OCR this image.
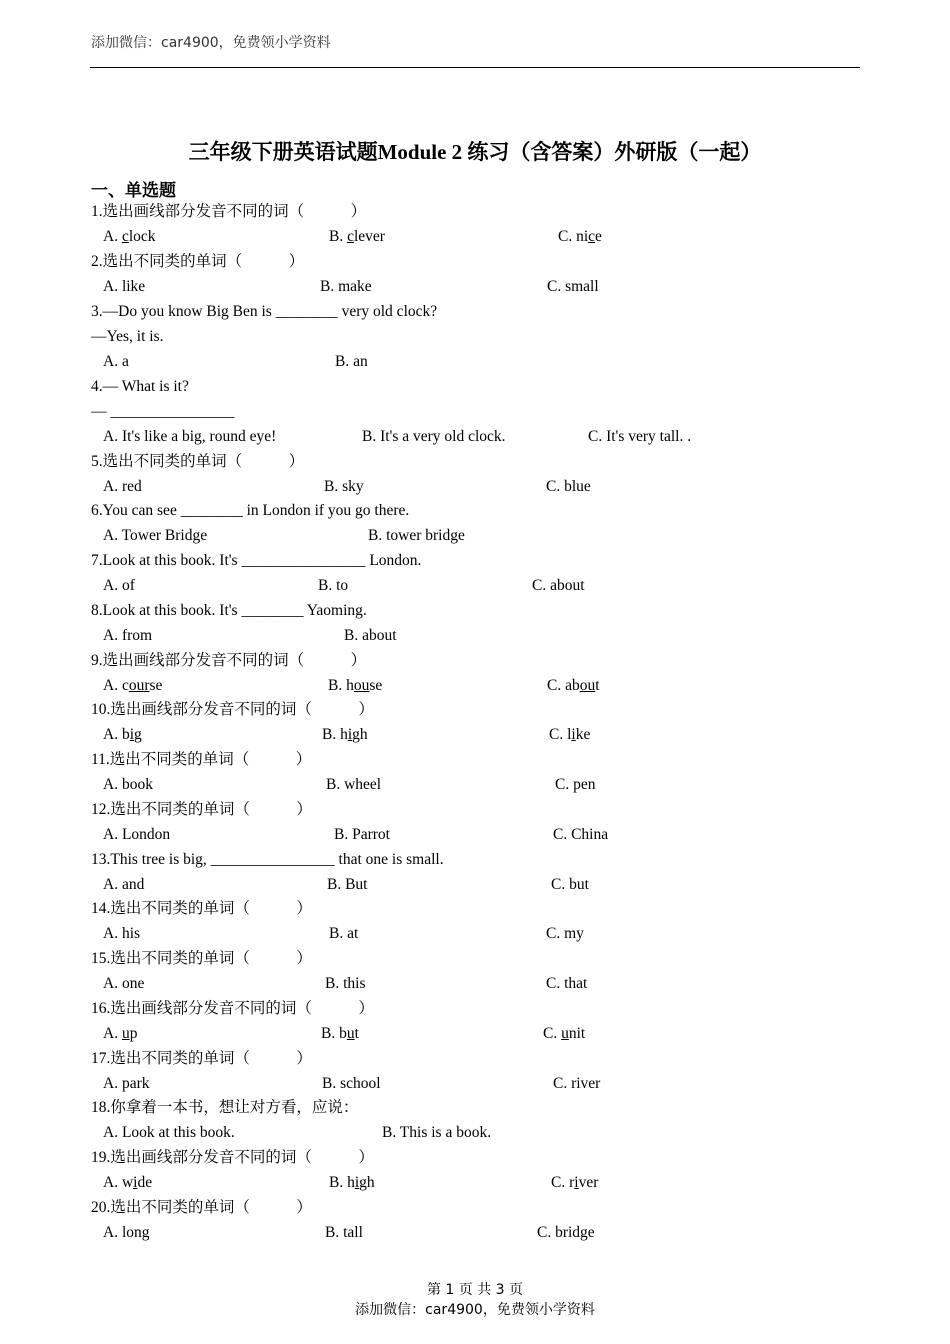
添加微信：car4900，免费领小学资料
三年级下册英语试题Module 2 练习（含答案）外研版（一起）
一、单选题
1.选出画线部分发音不同的词（　　　）
A. clock	B. clever	C. nice
2.选出不同类的单词（　　　）
A. like	B. make	C. small
3.—Do you know Big Ben is ________ very old clock?
—Yes, it is.
A. a	B. an
4.— What is it?
— ________________
A. It's like a big, round eye!	B. It's a very old clock.	C. It's very tall. .
5.选出不同类的单词（　　　）
A. red	B. sky	C. blue
6.You can see ________ in London if you go there.
A. Tower Bridge	B. tower bridge
7.Look at this book. It's ________________ London.
A. of	B. to	C. about
8.Look at this book. It's ________ Yaoming.
A. from	B. about
9.选出画线部分发音不同的词（　　　）
A. course	B. house	C. about
10.选出画线部分发音不同的词（　　　）
A. big	B. high	C. like
11.选出不同类的单词（　　　）
A. book	B. wheel	C. pen
12.选出不同类的单词（　　　）
A. London	B. Parrot	C. China
13.This tree is big, ________________ that one is small.
A. and	B. But	C. but
14.选出不同类的单词（　　　）
A. his	B. at	C. my
15.选出不同类的单词（　　　）
A. one	B. this	C. that
16.选出画线部分发音不同的词（　　　）
A. up	B. but	C. unit
17.选出不同类的单词（　　　）
A. park	B. school	C. river
18.你拿着一本书，想让对方看，应说：
A. Look at this book.	B. This is a book.
19.选出画线部分发音不同的词（　　　）
A. wide	B. high	C. river
20.选出不同类的单词（　　　）
A. long	B. tall	C. bridge
第 1 页 共 3 页
添加微信：car4900，免费领小学资料
